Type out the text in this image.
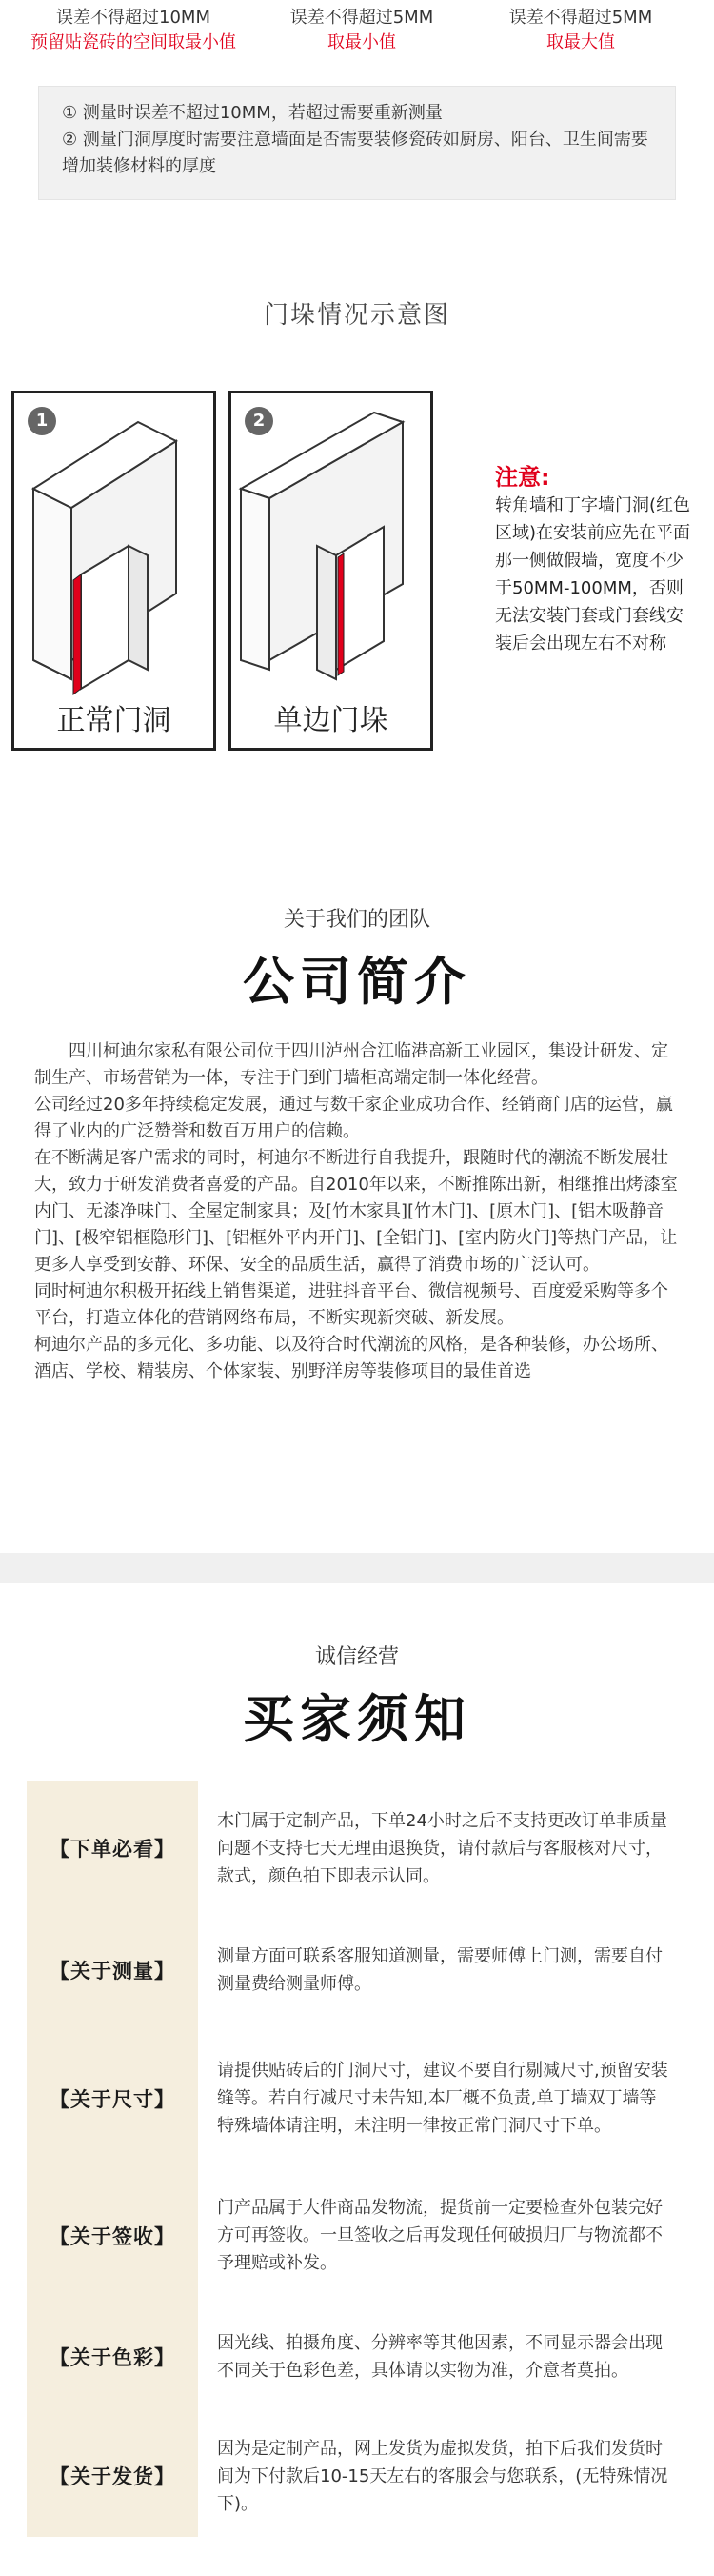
误差不得超过10MM
预留贴瓷砖的空间取最小值
误差不得超过5MM
取最小值
误差不得超过5MM
取最大值

① 测量时误差不超过10MM，若超过需要重新测量

② 测量门洞厚度时需要注意墙面是否需要装修瓷砖如厨房、阳台、卫生间需要增加装修材料的厚度

门垛情况示意图
1
正常门洞
2
单边门垛
注意:
转角墙和丁字墙门洞(红色区域)在安装前应先在平面那一侧做假墙，宽度不少于50MM-100MM，否则无法安装门套或门套线安装后会出现左右不对称
关于我们的团队
公司简介

四川柯迪尔家私有限公司位于四川泸州合江临港高新工业园区，集设计研发、定制生产、市场营销为一体，专注于门到门墙柜高端定制一体化经营。

公司经过20多年持续稳定发展，通过与数千家企业成功合作、经销商门店的运营，赢得了业内的广泛赞誉和数百万用户的信赖。

在不断满足客户需求的同时，柯迪尔不断进行自我提升，跟随时代的潮流不断发展壮大，致力于研发消费者喜爱的产品。自2010年以来，不断推陈出新，相继推出烤漆室内门、无漆净味门、全屋定制家具；及[竹木家具][竹木门]、[原木门]、[铝木吸静音门]、[极窄铝框隐形门]、[铝框外平内开门]、[全铝门]、[室内防火门]等热门产品，让更多人享受到安静、环保、安全的品质生活，赢得了消费市场的广泛认可。

同时柯迪尔积极开拓线上销售渠道，进驻抖音平台、微信视频号、百度爱采购等多个平台，打造立体化的营销网络布局，不断实现新突破、新发展。

柯迪尔产品的多元化、多功能、以及符合时代潮流的风格，是各种装修，办公场所、酒店、学校、精装房、个体家装、别野洋房等装修项目的最佳首选

诚信经营
买家须知
【下单必看】
木门属于定制产品，下单24小时之后不支持更改订单非质量问题不支持七天无理由退换货，请付款后与客服核对尺寸，款式，颜色拍下即表示认同。
【关于测量】
测量方面可联系客服知道测量，需要师傅上门测，需要自付测量费给测量师傅。
【关于尺寸】
请提供贴砖后的门洞尺寸，建议不要自行剔减尺寸,预留安装缝等。若自行减尺寸未告知,本厂概不负责,单丁墙双丁墙等特殊墙体请注明，未注明一律按正常门洞尺寸下单。
【关于签收】
门产品属于大件商品发物流，提货前一定要检查外包装完好方可再签收。一旦签收之后再发现任何破损归厂与物流都不予理赔或补发。
【关于色彩】
因光线、拍摄角度、分辨率等其他因素，不同显示器会出现不同关于色彩色差，具体请以实物为准，介意者莫拍。
【关于发货】
因为是定制产品，网上发货为虚拟发货，拍下后我们发货时间为下付款后10-15天左右的客服会与您联系，(无特殊情况下)。
